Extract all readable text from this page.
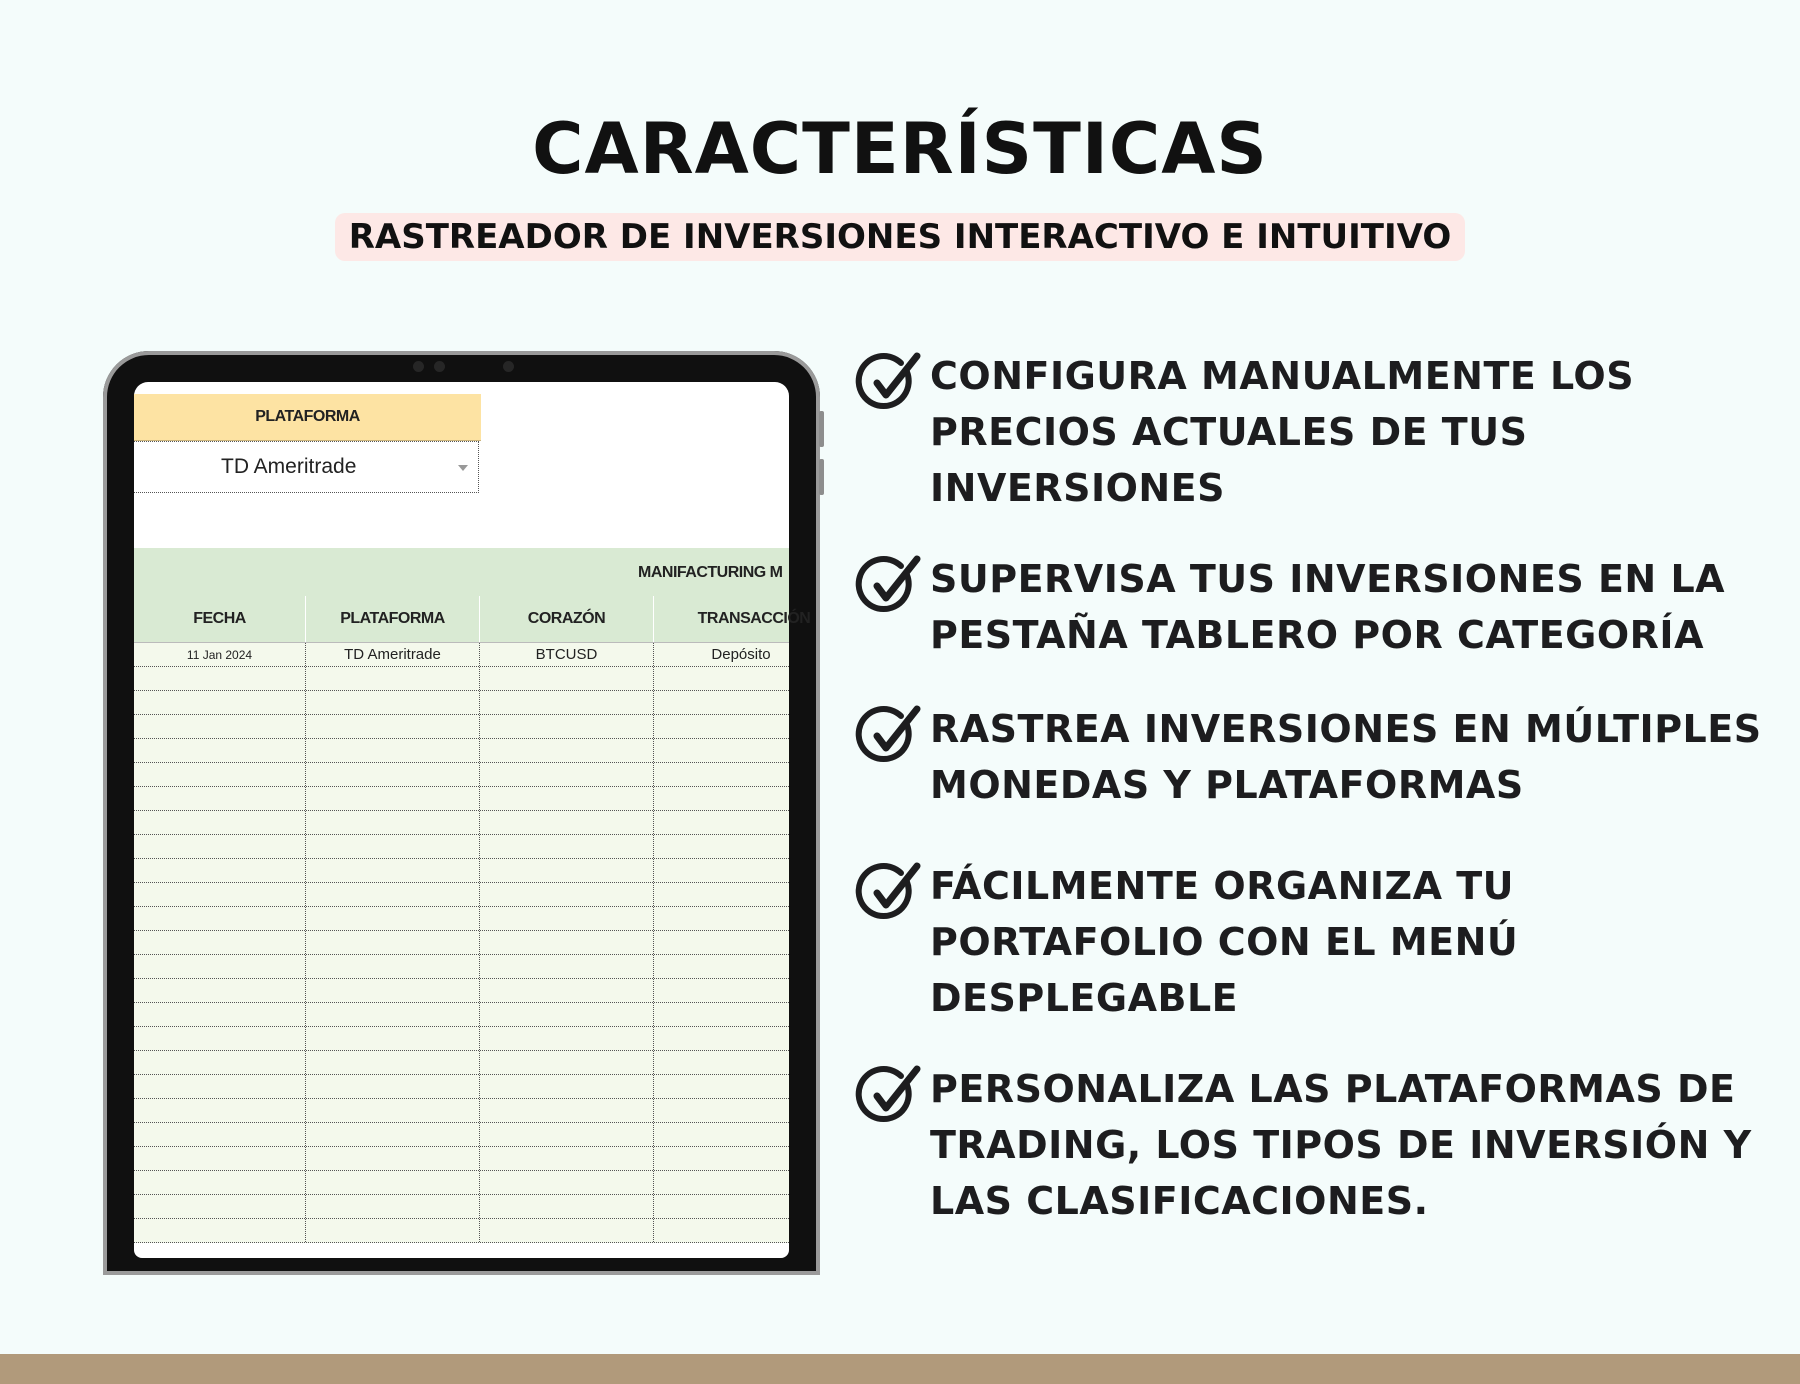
CARACTERÍSTICAS
RASTREADOR DE INVERSIONES INTERACTIVO E INTUITIVO
PLATAFORMA
TD Ameritrade
MANIFACTURING M
FECHA	PLATAFORMA	CORAZÓN	TRANSACCIÓN
11 Jan 2024	TD Ameritrade	BTCUSD	Depósito
CONFIGURA MANUALMENTE LOS PRECIOS ACTUALES DE TUS INVERSIONES
SUPERVISA TUS INVERSIONES EN LA PESTAÑA TABLERO POR CATEGORÍA
RASTREA INVERSIONES EN MÚLTIPLES MONEDAS Y PLATAFORMAS
FÁCILMENTE ORGANIZA TU PORTAFOLIO CON EL MENÚ DESPLEGABLE
PERSONALIZA LAS PLATAFORMAS DE TRADING, LOS TIPOS DE INVERSIÓN Y LAS CLASIFICACIONES.
